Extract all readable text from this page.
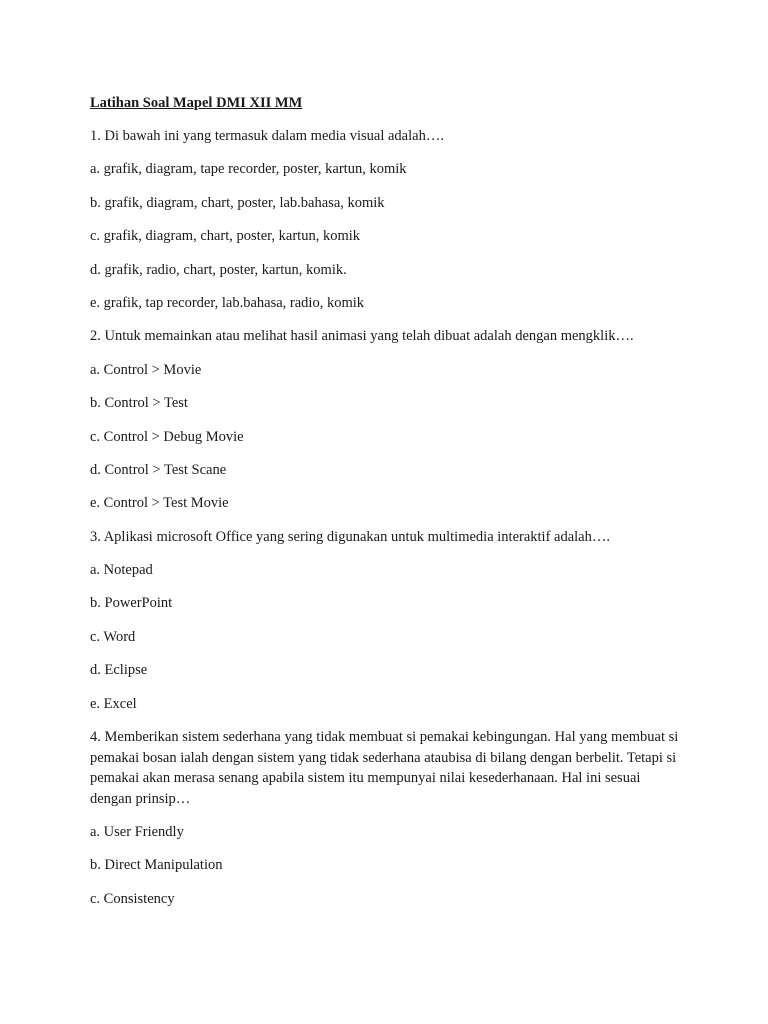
Latihan Soal Mapel DMI XII MM
1. Di bawah ini yang termasuk dalam media visual adalah….
a. grafik, diagram, tape recorder, poster, kartun, komik
b. grafik, diagram, chart, poster, lab.bahasa, komik
c. grafik, diagram, chart, poster, kartun, komik
d. grafik, radio, chart, poster, kartun, komik.
e. grafik, tap recorder, lab.bahasa, radio, komik
2. Untuk memainkan atau melihat hasil animasi yang telah dibuat adalah dengan mengklik….
a. Control > Movie
b. Control > Test
c. Control > Debug Movie
d. Control > Test Scane
e. Control > Test Movie
3. Aplikasi microsoft Office yang sering digunakan untuk multimedia interaktif adalah….
a. Notepad
b. PowerPoint
c. Word
d. Eclipse
e. Excel
4. Memberikan sistem sederhana yang tidak membuat si pemakai kebingungan. Hal yang membuat si pemakai bosan ialah dengan sistem yang tidak sederhana ataubisa di bilang dengan berbelit. Tetapi si pemakai akan merasa senang apabila sistem itu mempunyai nilai kesederhanaan. Hal ini sesuai dengan prinsip…
a. User Friendly
b. Direct Manipulation
c. Consistency
